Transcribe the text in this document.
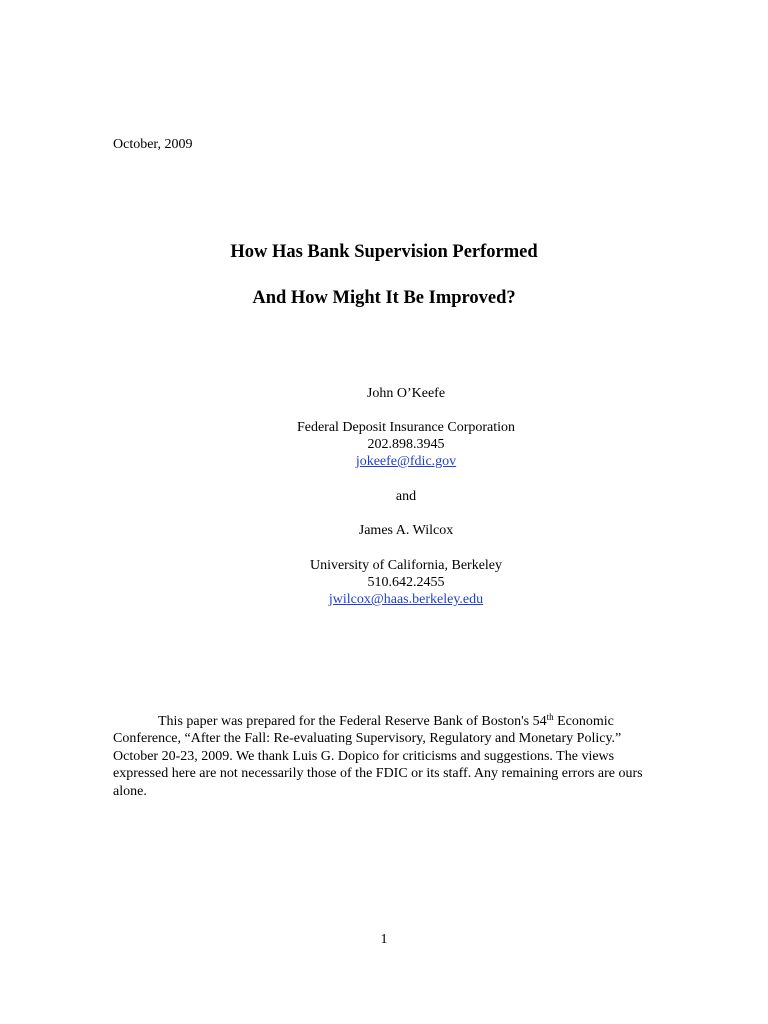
October, 2009
How Has Bank Supervision Performed
And How Might It Be Improved?
John O’Keefe
Federal Deposit Insurance Corporation
202.898.3945
jokeefe@fdic.gov
and
James A. Wilcox
University of California, Berkeley
510.642.2455
jwilcox@haas.berkeley.edu
This paper was prepared for the Federal Reserve Bank of Boston's 54th Economic Conference, “After the Fall: Re-evaluating Supervisory, Regulatory and Monetary Policy.” October 20-23, 2009. We thank Luis G. Dopico for criticisms and suggestions. The views expressed here are not necessarily those of the FDIC or its staff. Any remaining errors are ours alone.
1
